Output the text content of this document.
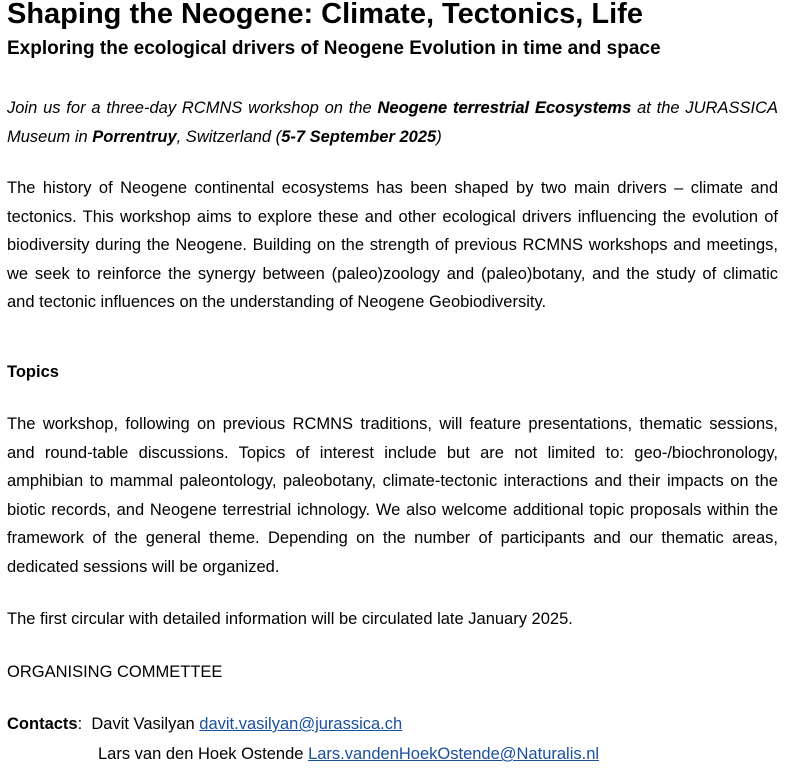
Shaping the Neogene: Climate, Tectonics, Life
Exploring the ecological drivers of Neogene Evolution in time and space
Join us for a three-day RCMNS workshop on the Neogene terrestrial Ecosystems at the JURASSICA Museum in Porrentruy, Switzerland (5-7 September 2025)
The history of Neogene continental ecosystems has been shaped by two main drivers – climate and tectonics. This workshop aims to explore these and other ecological drivers influencing the evolution of biodiversity during the Neogene. Building on the strength of previous RCMNS workshops and meetings, we seek to reinforce the synergy between (paleo)zoology and (paleo)botany, and the study of climatic and tectonic influences on the understanding of Neogene Geobiodiversity.
Topics
The workshop, following on previous RCMNS traditions, will feature presentations, thematic sessions, and round-table discussions. Topics of interest include but are not limited to: geo-/biochronology, amphibian to mammal paleontology, paleobotany, climate-tectonic interactions and their impacts on the biotic records, and Neogene terrestrial ichnology. We also welcome additional topic proposals within the framework of the general theme. Depending on the number of participants and our thematic areas, dedicated sessions will be organized.
The first circular with detailed information will be circulated late January 2025.
ORGANISING COMMETTEE
Contacts: Davit Vasilyan davit.vasilyan@jurassica.ch
Lars van den Hoek Ostende Lars.vandenHoekOstende@Naturalis.nl
